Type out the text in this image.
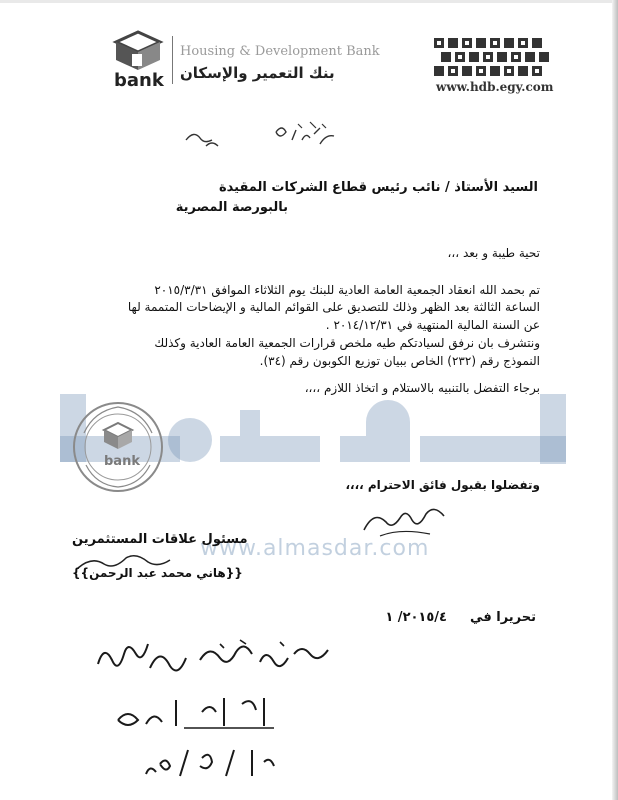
bank
Housing & Development Bank
بنك التعمير والإسكان
www.hdb.egy.com
www.almasdar.com
bank
السيد الأستاذ / نائب رئيس قطاع الشركات المقيدة
بالبورصة المصرية
تحية طيبة و بعد ،،،
تم بحمد الله انعقاد الجمعية العامة العادية للبنك يوم الثلاثاء الموافق ٢٠١٥/٣/٣١
الساعة الثالثة بعد الظهر وذلك للتصديق على القوائم المالية و الإيضاحات المتممة لها
عن السنة المالية المنتهية في ٢٠١٤/١٢/٣١ .
ونتشرف بان نرفق لسيادتكم طيه ملخص قرارات الجمعية العامة العادية وكذلك
النموذج رقم (٢٣٢) الخاص ببيان توزيع الكوبون رقم (٣٤).
برجاء التفضل بالتنبيه بالاستلام و اتخاذ اللازم ،،،،
وتفضلوا بقبول فائق الاحترام ،،،،
مسئول علاقات المستثمرين
{{هاني محمد عبد الرحمن}}
تحريرا في  ٢٠١٥/٤/ ١
